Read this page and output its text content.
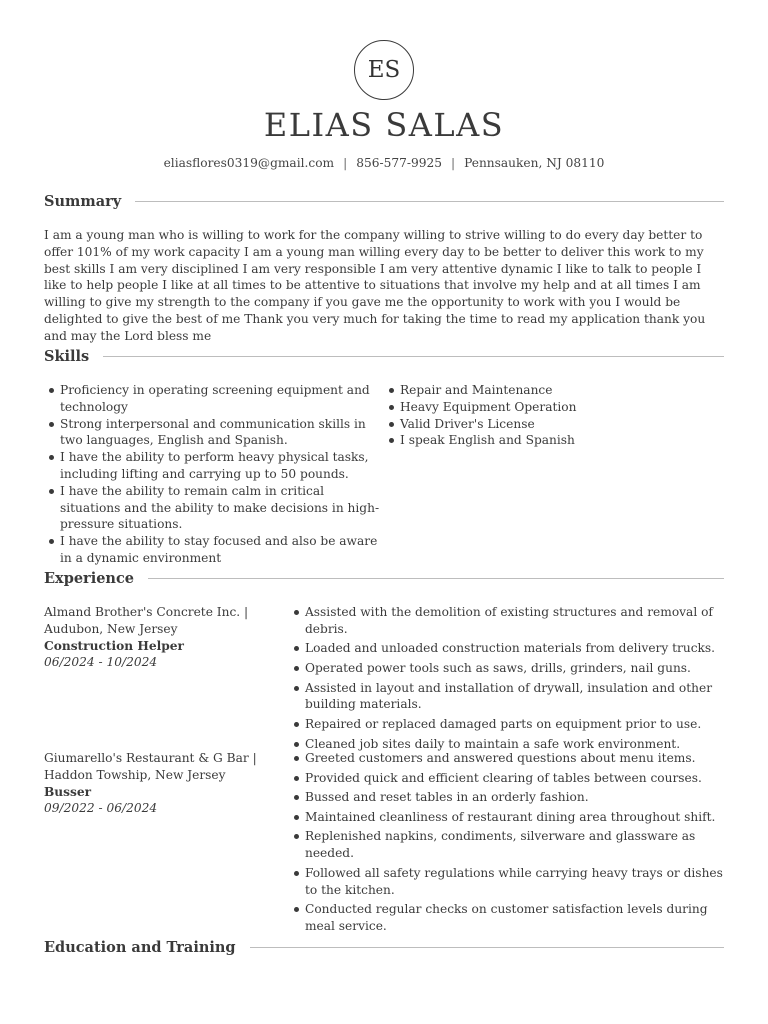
ES
ELIAS SALAS
eliasflores0319@gmail.com | 856-577-9925 | Pennsauken, NJ 08110
Summary
I am a young man who is willing to work for the company willing to strive willing to do every day better to offer 101% of my work capacity I am a young man willing every day to be better to deliver this work to my best skills I am very disciplined I am very responsible I am very attentive dynamic I like to talk to people I like to help people I like at all times to be attentive to situations that involve my help and at all times I am willing to give my strength to the company if you gave me the opportunity to work with you I would be delighted to give the best of me Thank you very much for taking the time to read my application thank you and may the Lord bless me
Skills
Proficiency in operating screening equipment and technology
Strong interpersonal and communication skills in two languages, English and Spanish.
I have the ability to perform heavy physical tasks, including lifting and carrying up to 50 pounds.
I have the ability to remain calm in critical situations and the ability to make decisions in high-pressure situations.
I have the ability to stay focused and also be aware in a dynamic environment
Repair and Maintenance
Heavy Equipment Operation
Valid Driver's License
I speak English and Spanish
Experience
Almand Brother's Concrete Inc. | Audubon, New Jersey
Construction Helper
06/2024 - 10/2024
Assisted with the demolition of existing structures and removal of debris.
Loaded and unloaded construction materials from delivery trucks.
Operated power tools such as saws, drills, grinders, nail guns.
Assisted in layout and installation of drywall, insulation and other building materials.
Repaired or replaced damaged parts on equipment prior to use.
Cleaned job sites daily to maintain a safe work environment.
Giumarello's Restaurant & G Bar | Haddon Towship, New Jersey
Busser
09/2022 - 06/2024
Greeted customers and answered questions about menu items.
Provided quick and efficient clearing of tables between courses.
Bussed and reset tables in an orderly fashion.
Maintained cleanliness of restaurant dining area throughout shift.
Replenished napkins, condiments, silverware and glassware as needed.
Followed all safety regulations while carrying heavy trays or dishes to the kitchen.
Conducted regular checks on customer satisfaction levels during meal service.
Education and Training
